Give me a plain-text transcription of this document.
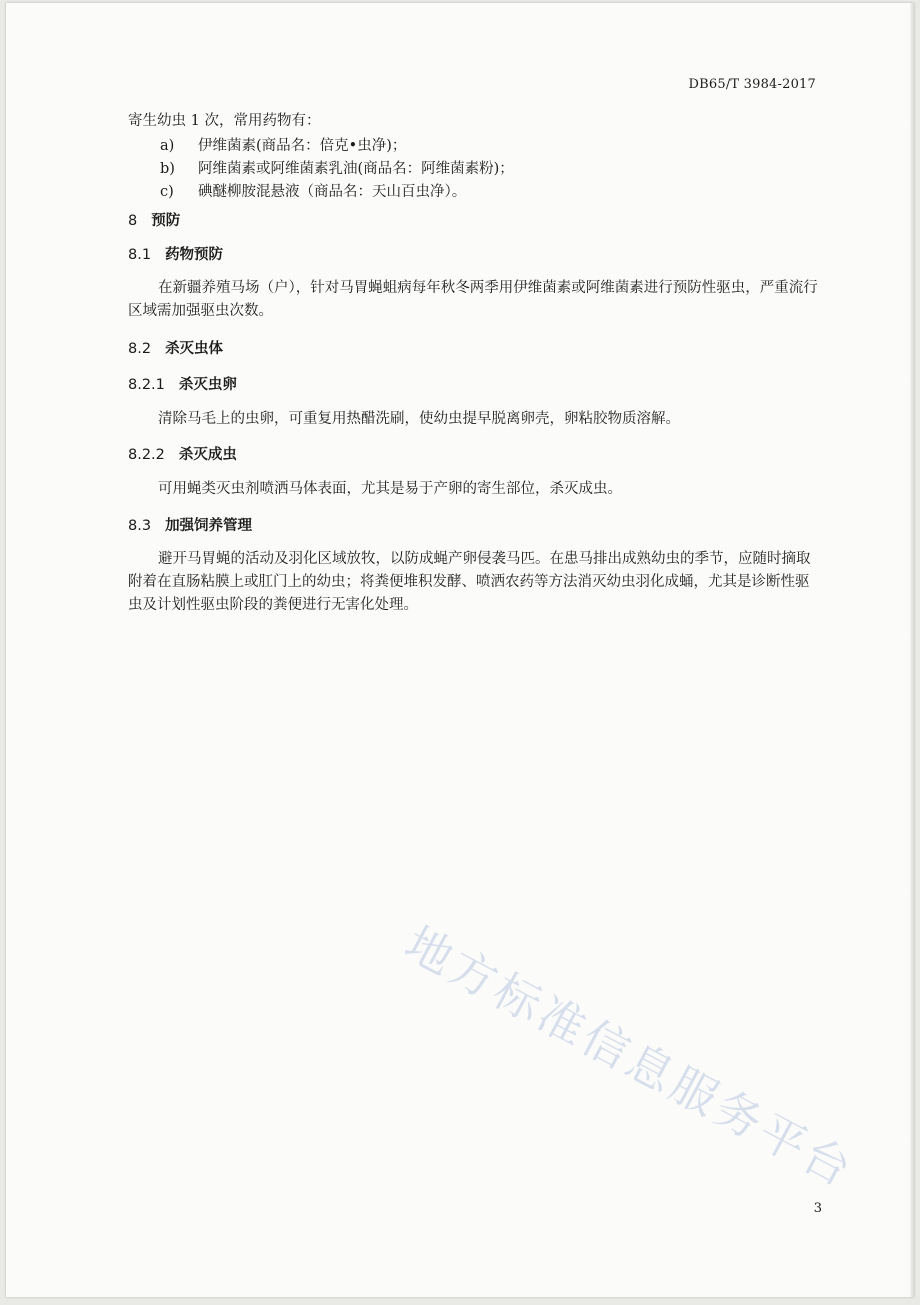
DB65/T 3984-2017
寄生幼虫 1 次，常用药物有：
a) 伊维菌素(商品名：倍克•虫净)；
b) 阿维菌素或阿维菌素乳油(商品名：阿维菌素粉)；
c) 碘醚柳胺混悬液（商品名：天山百虫净）。
8 预防
8.1 药物预防
在新疆养殖马场（户），针对马胃蝇蛆病每年秋冬两季用伊维菌素或阿维菌素进行预防性驱虫，严重流行区域需加强驱虫次数。
8.2 杀灭虫体
8.2.1 杀灭虫卵
清除马毛上的虫卵，可重复用热醋洗刷，使幼虫提早脱离卵壳，卵粘胶物质溶解。
8.2.2 杀灭成虫
可用蝇类灭虫剂喷洒马体表面，尤其是易于产卵的寄生部位，杀灭成虫。
8.3 加强饲养管理
避开马胃蝇的活动及羽化区域放牧，以防成蝇产卵侵袭马匹。在患马排出成熟幼虫的季节，应随时摘取附着在直肠粘膜上或肛门上的幼虫；将粪便堆积发酵、喷洒农药等方法消灭幼虫羽化成蛹，尤其是诊断性驱虫及计划性驱虫阶段的粪便进行无害化处理。
地方标准信息服务平台
3
